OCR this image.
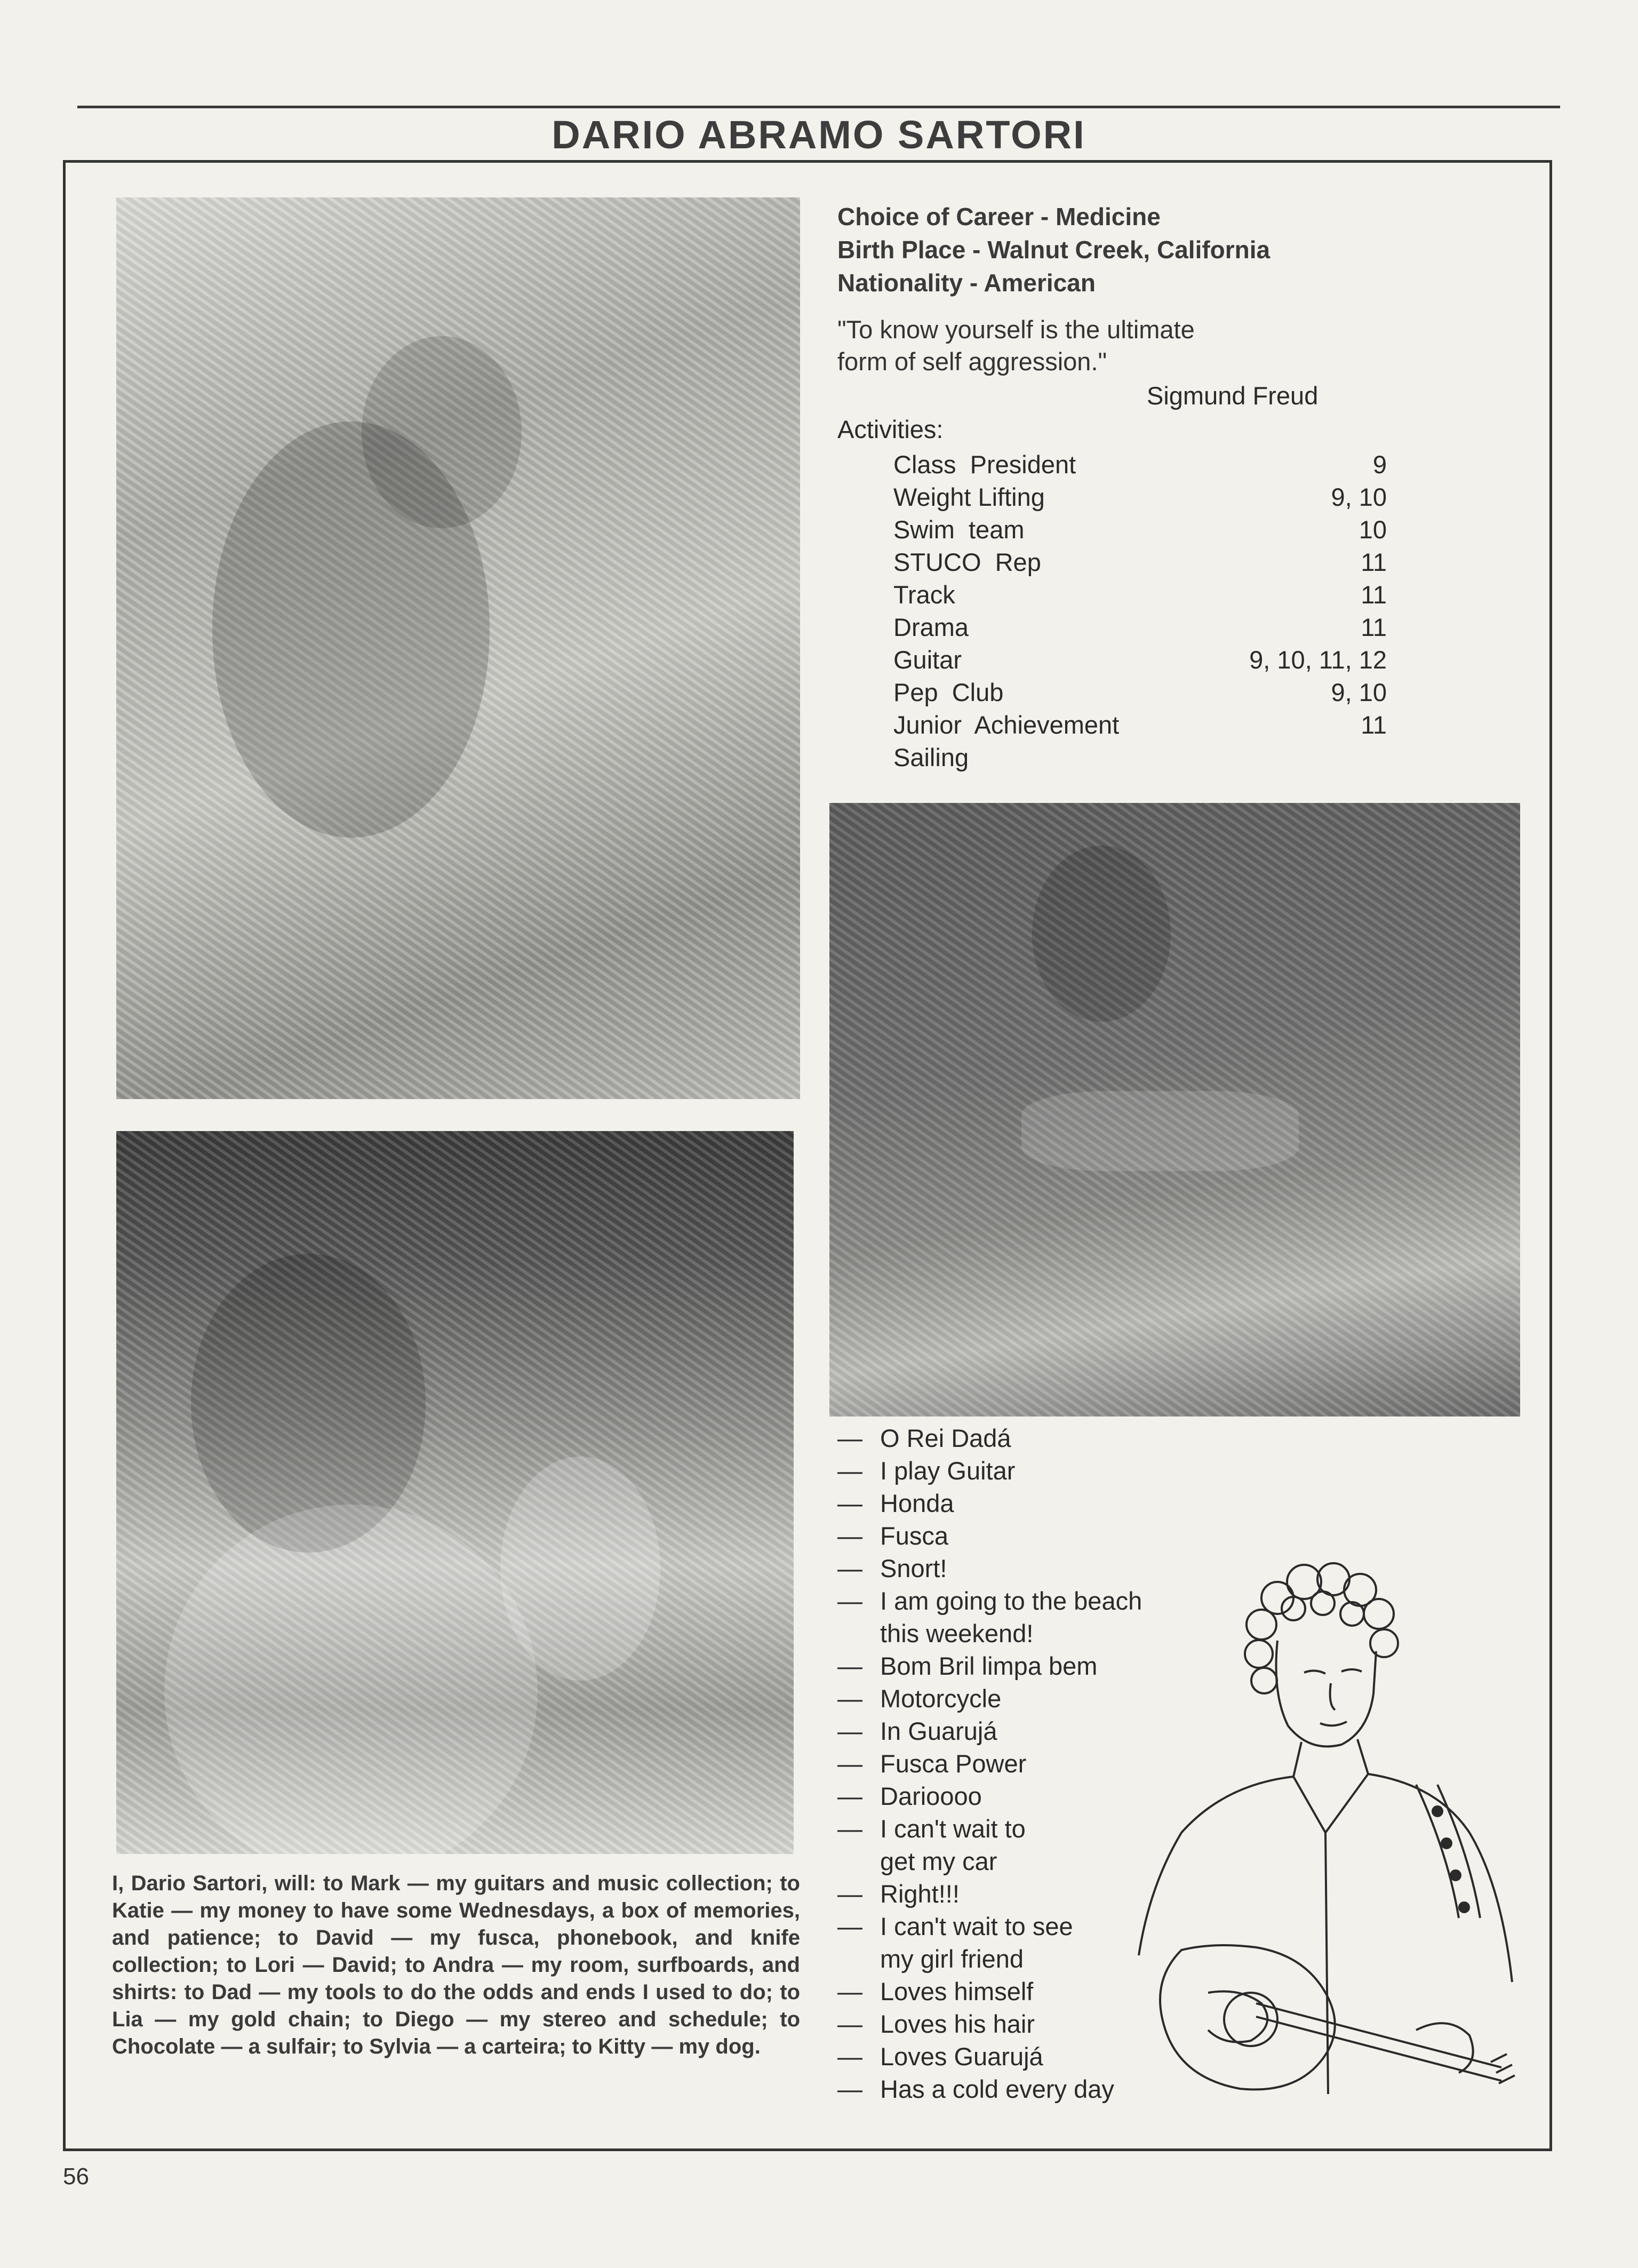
DARIO ABRAMO SARTORI
Choice of Career - Medicine
Birth Place - Walnut Creek, California
Nationality - American
"To know yourself is the ultimate
form of self aggression."
Sigmund Freud
Activities:
Class  President	9
Weight Lifting	9, 10
Swim  team	10
STUCO  Rep	11
Track	11
Drama	11
Guitar	9, 10, 11, 12
Pep  Club	9, 10
Junior  Achievement	11
Sailing
I, Dario Sartori, will: to Mark — my guitars and music collection; to Katie — my money to have some Wednesdays, a box of memories, and patience; to David — my fusca, phonebook, and knife collection; to Lori — David; to Andra — my room, surfboards, and shirts: to Dad — my tools to do the odds and ends I used to do; to Lia — my gold chain; to Diego — my stereo and schedule; to Chocolate — a sulfair; to Sylvia — a carteira; to Kitty — my dog.
— O Rei Dadá
— I play Guitar
— Honda
— Fusca
— Snort!
— I am going to the beach
this weekend!
— Bom Bril limpa bem
— Motorcycle
— In Guarujá
— Fusca Power
— Darioooo
— I can't wait to
get my car
— Right!!!
— I can't wait to see
my girl friend
— Loves himself
— Loves his hair
— Loves Guarujá
— Has a cold every day
56
